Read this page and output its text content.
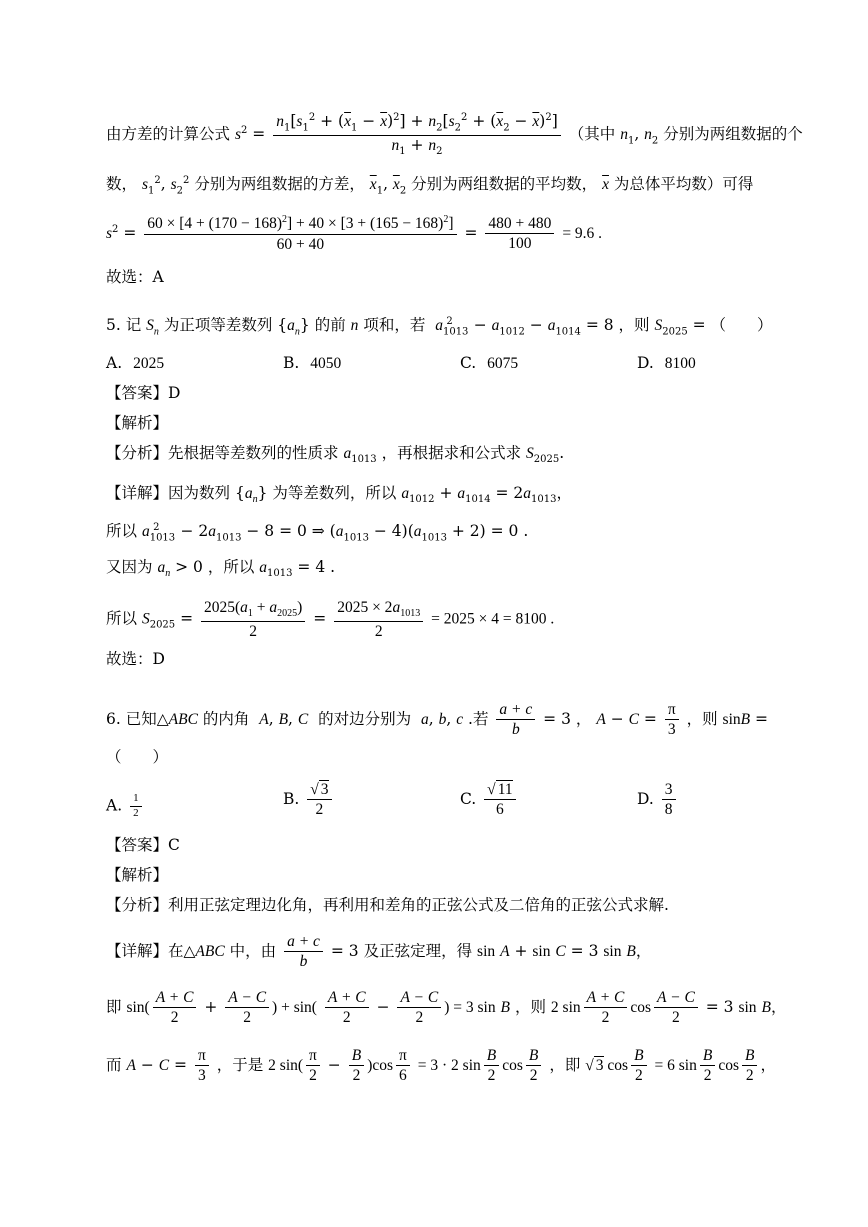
由方差的计算公式 $s^2 = \frac{n_1[s_1^2 + (\overline{x}_1 - \overline{x})^2] + n_2[s_2^2 + (\overline{x}_2 - \overline{x})^2]}{n_1 + n_2}$ （其中 $n_1$, $n_2$ 分别为两组数据的个
数， $s_1^2$, $s_2^2$ 分别为两组数据的方差， $\overline{x}_1$, $\overline{x}_2$ 分别为两组数据的平均数， $\overline{x}$ 为总体平均数）可得
$s^2 = \frac{60 \times [4 + (170 - 168)^2] + 40 \times [3 + (165 - 168)^2]}{60 + 40} = \frac{480 + 480}{100} = 9.6$ .
故选：A
5. 记 $S_n$ 为正项等差数列 $\{a_n\}$ 的前 n 项和，若 $a_{1013}^2 - a_{1012} - a_{1014} = 8$ ，则 $S_{2025}$ = （　　）
A. 2025	B. 4050	C. 6075	D. 8100
【答案】D
【解析】
【分析】先根据等差数列的性质求 $a_{1013}$ ，再根据求和公式求 $S_{2025}$.
【详解】因为数列 $\{a_n\}$ 为等差数列，所以 $a_{1012} + a_{1014} = 2a_{1013}$，
所以 $a_{1013}^2 - 2a_{1013} - 8 = 0$ ⇒ $(a_{1013} - 4)(a_{1013} + 2) = 0$ .
又因为 $a_n > 0$ ，所以 $a_{1013} = 4$ .
所以 $S_{2025} = \frac{2025(a_1 + a_{2025})}{2} = \frac{2025 \times 2a_{1013}}{2} = 2025 \times 4 = 8100$ .
故选：D
6. 已知△ABC 的内角 A, B, C 的对边分别为 a, b, c .若 $\frac{a + c}{b} = 3$ ， $A - C = \frac{\pi}{3}$ ，则 sinB =
（　　）
A. $\frac{1}{2}$	B. $\frac{√ 3}{2}$	C. $\frac{√ 11}{6}$	D. $\frac{3}{8}$
【答案】C
【解析】
【分析】利用正弦定理边化角，再利用和差角的正弦公式及二倍角的正弦公式求解.
【详解】在△ABC 中，由 $\frac{a + c}{b} = 3$ 及正弦定理，得 sin A + sin C = 3 sin B，
即 $\sin( \frac{A + C}{2} + \frac{A - C}{2}$ ) + $\sin( \frac{A + C}{2} - \frac{A - C}{2}$ ) = 3 sin B ，则 2 $\sin \frac{A + C}{2}$ $\cos \frac{A - C}{2} = 3$ sin B，
而 $A - C = \frac{\pi}{3}$ ，于是 2 $\sin( \frac{\pi}{2} - \frac{B}{2} )\cos \frac{\pi}{6} = 3 \cdot 2$ $\sin \frac{B}{2}$ $\cos \frac{B}{2}$ ，即 √ 3 $\cos \frac{B}{2} = 6$ $\sin \frac{B}{2}$ $\cos \frac{B}{2}$ ，
